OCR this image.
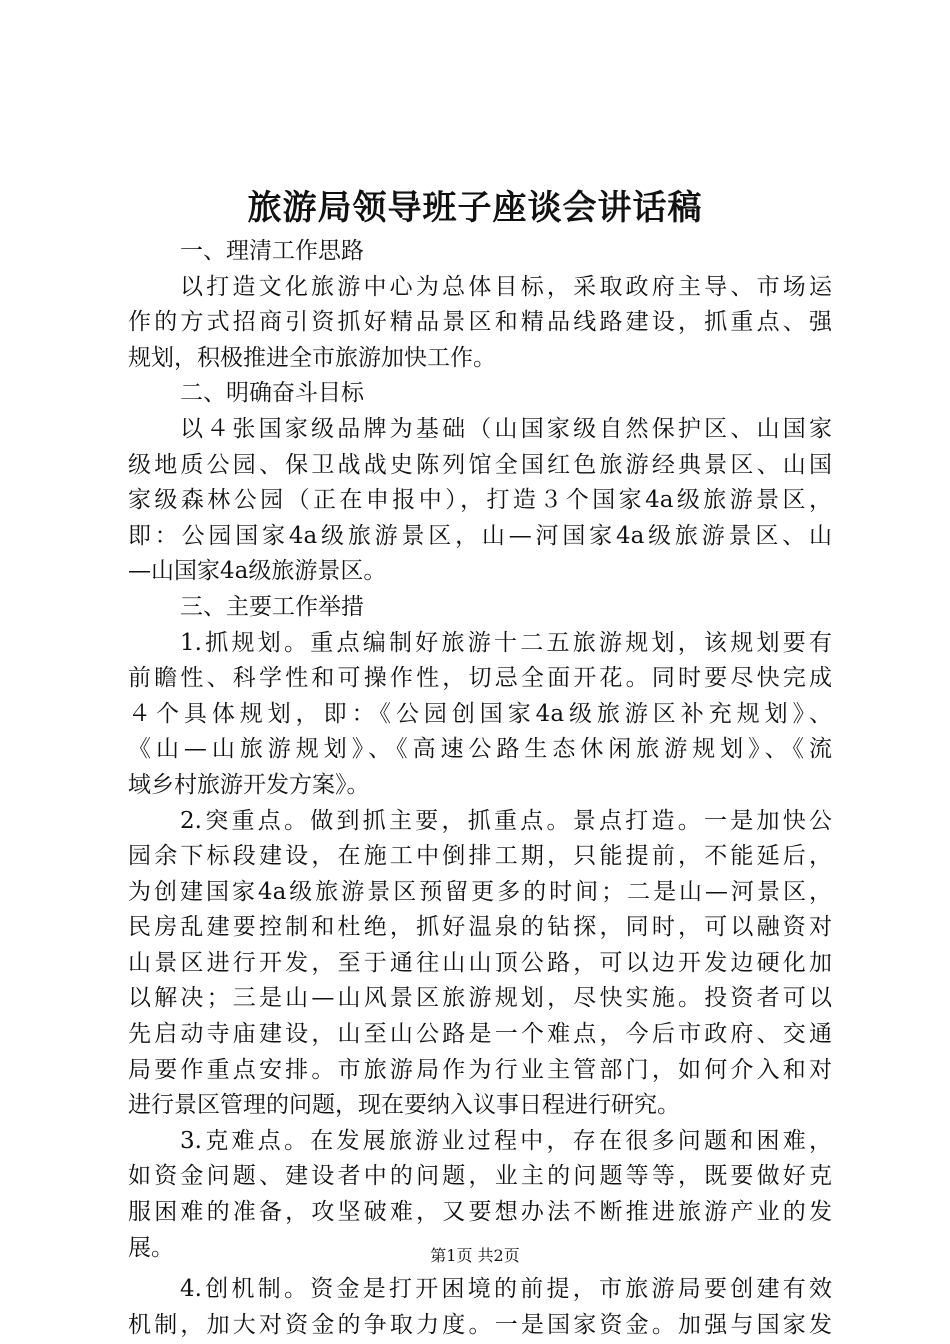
旅游局领导班子座谈会讲话稿
一、理清工作思路
以打造文化旅游中心为总体目标，采取政府主导、市场运
作的方式招商引资抓好精品景区和精品线路建设，抓重点、强
规划，积极推进全市旅游加快工作。
二、明确奋斗目标
以４张国家级品牌为基础（山国家级自然保护区、山国家
级地质公园、保卫战战史陈列馆全国红色旅游经典景区、山国
家级森林公园（正在申报中），打造３个国家4a级旅游景区，
即：公园国家4a级旅游景区，山—河国家4a级旅游景区、山
—山国家4a级旅游景区。
三、主要工作举措
1.抓规划。重点编制好旅游十二五旅游规划，该规划要有
前瞻性、科学性和可操作性，切忌全面开花。同时要尽快完成
４个具体规划，即：《公园创国家4a级旅游区补充规划》、
《山—山旅游规划》、《高速公路生态休闲旅游规划》、《流
域乡村旅游开发方案》。
2.突重点。做到抓主要，抓重点。景点打造。一是加快公
园余下标段建设，在施工中倒排工期，只能提前，不能延后，
为创建国家4a级旅游景区预留更多的时间；二是山—河景区，
民房乱建要控制和杜绝，抓好温泉的钻探，同时，可以融资对
山景区进行开发，至于通往山山顶公路，可以边开发边硬化加
以解决；三是山—山风景区旅游规划，尽快实施。投资者可以
先启动寺庙建设，山至山公路是一个难点，今后市政府、交通
局要作重点安排。市旅游局作为行业主管部门，如何介入和对
进行景区管理的问题，现在要纳入议事日程进行研究。
3.克难点。在发展旅游业过程中，存在很多问题和困难，
如资金问题、建设者中的问题，业主的问题等等，既要做好克
服困难的准备，攻坚破难，又要想办法不断推进旅游产业的发
展。
4.创机制。资金是打开困境的前提，市旅游局要创建有效
机制，加大对资金的争取力度。一是国家资金。加强与国家发
第1页 共2页
